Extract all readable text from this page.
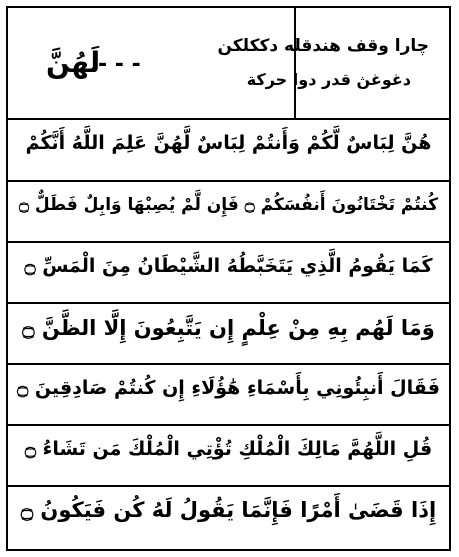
چارا وقف هندقله دککلکن
دغوغڽ قدر دوا حرکة
لَهُنَّ
- - -
هُنَّ لِبَاسٌ لَّكُمْ وَأَنتُمْ لِبَاسٌ لَّهُنَّ عَلِمَ اللَّهُ أَنَّكُمْ
كُنتُمْ تَخْتَانُونَ أَنفُسَكُمْ ۝ فَإِن لَّمْ يُصِبْهَا وَابِلٌ فَطَلٌّ ۝
كَمَا يَقُومُ الَّذِي يَتَخَبَّطُهُ الشَّيْطَانُ مِنَ الْمَسِّ ۝
وَمَا لَهُم بِهِ مِنْ عِلْمٍ إِن يَتَّبِعُونَ إِلَّا الظَّنَّ ۝
فَقَالَ أَنبِئُونِي بِأَسْمَاءِ هَٰؤُلَاءِ إِن كُنتُمْ صَادِقِينَ ۝
قُلِ اللَّهُمَّ مَالِكَ الْمُلْكِ تُؤْتِي الْمُلْكَ مَن تَشَاءُ ۝
إِذَا قَضَىٰ أَمْرًا فَإِنَّمَا يَقُولُ لَهُ كُن فَيَكُونُ ۝
